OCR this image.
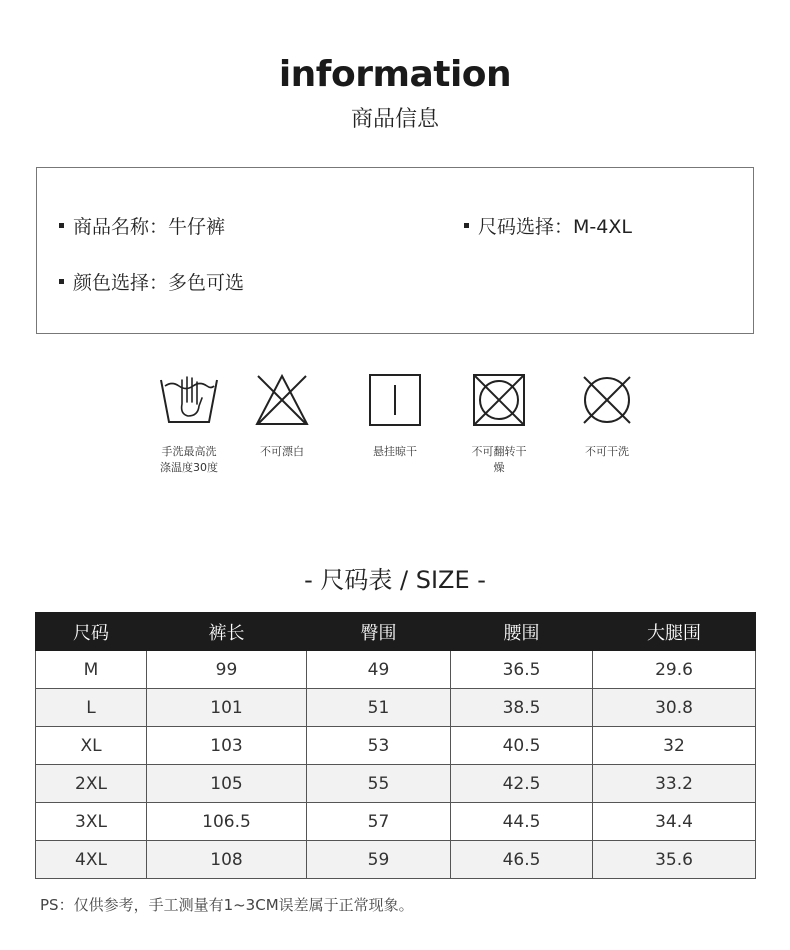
information
商品信息
商品名称：牛仔裤	尺码选择：M-4XL
颜色选择：多色可选
手洗最高洗涤温度30度
不可漂白	悬挂晾干	不可翻转干燥
不可干洗
- 尺码表 / SIZE -
尺码	裤长	臀围	腰围	大腿围
M	99	49	36.5	29.6
L	101	51	38.5	30.8
XL	103	53	40.5	32
2XL	105	55	42.5	33.2
3XL	106.5	57	44.5	34.4
4XL	108	59	46.5	35.6
PS：仅供参考，手工测量有1~3CM误差属于正常现象。
